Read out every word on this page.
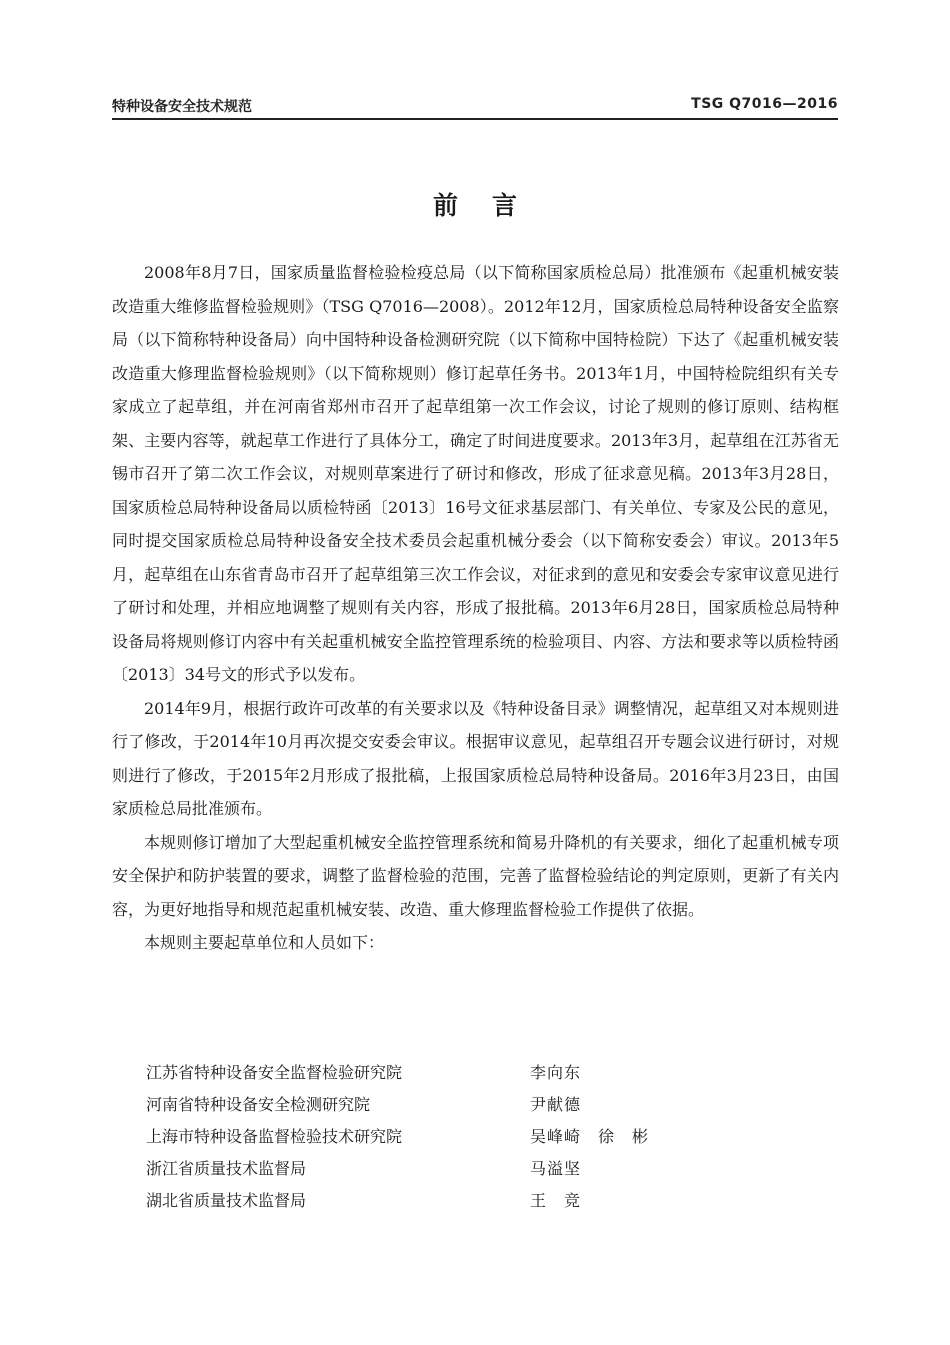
特种设备安全技术规范	TSG Q7016—2016
前言

2008年8月7日，国家质量监督检验检疫总局（以下简称国家质检总局）批准颁布《起重机械安装改造重大维修监督检验规则》（TSG Q7016—2008）。2012年12月，国家质检总局特种设备安全监察局（以下简称特种设备局）向中国特种设备检测研究院（以下简称中国特检院）下达了《起重机械安装改造重大修理监督检验规则》（以下简称规则）修订起草任务书。2013年1月，中国特检院组织有关专家成立了起草组，并在河南省郑州市召开了起草组第一次工作会议，讨论了规则的修订原则、结构框架、主要内容等，就起草工作进行了具体分工，确定了时间进度要求。2013年3月，起草组在江苏省无锡市召开了第二次工作会议，对规则草案进行了研讨和修改，形成了征求意见稿。2013年3月28日，国家质检总局特种设备局以质检特函〔2013〕16号文征求基层部门、有关单位、专家及公民的意见，同时提交国家质检总局特种设备安全技术委员会起重机械分委会（以下简称安委会）审议。2013年5月，起草组在山东省青岛市召开了起草组第三次工作会议，对征求到的意见和安委会专家审议意见进行了研讨和处理，并相应地调整了规则有关内容，形成了报批稿。2013年6月28日，国家质检总局特种设备局将规则修订内容中有关起重机械安全监控管理系统的检验项目、内容、方法和要求等以质检特函〔2013〕34号文的形式予以发布。

2014年9月，根据行政许可改革的有关要求以及《特种设备目录》调整情况，起草组又对本规则进行了修改，于2014年10月再次提交安委会审议。根据审议意见，起草组召开专题会议进行研讨，对规则进行了修改，于2015年2月形成了报批稿，上报国家质检总局特种设备局。2016年3月23日，由国家质检总局批准颁布。

本规则修订增加了大型起重机械安全监控管理系统和简易升降机的有关要求，细化了起重机械专项安全保护和防护装置的要求，调整了监督检验的范围，完善了监督检验结论的判定原则，更新了有关内容，为更好地指导和规范起重机械安装、改造、重大修理监督检验工作提供了依据。

本规则主要起草单位和人员如下：

江苏省特种设备安全监督检验研究院	李向东
河南省特种设备安全检测研究院	尹献德
上海市特种设备监督检验技术研究院	吴峰崎　徐　彬
浙江省质量技术监督局	马溢坚
湖北省质量技术监督局	王　竞
